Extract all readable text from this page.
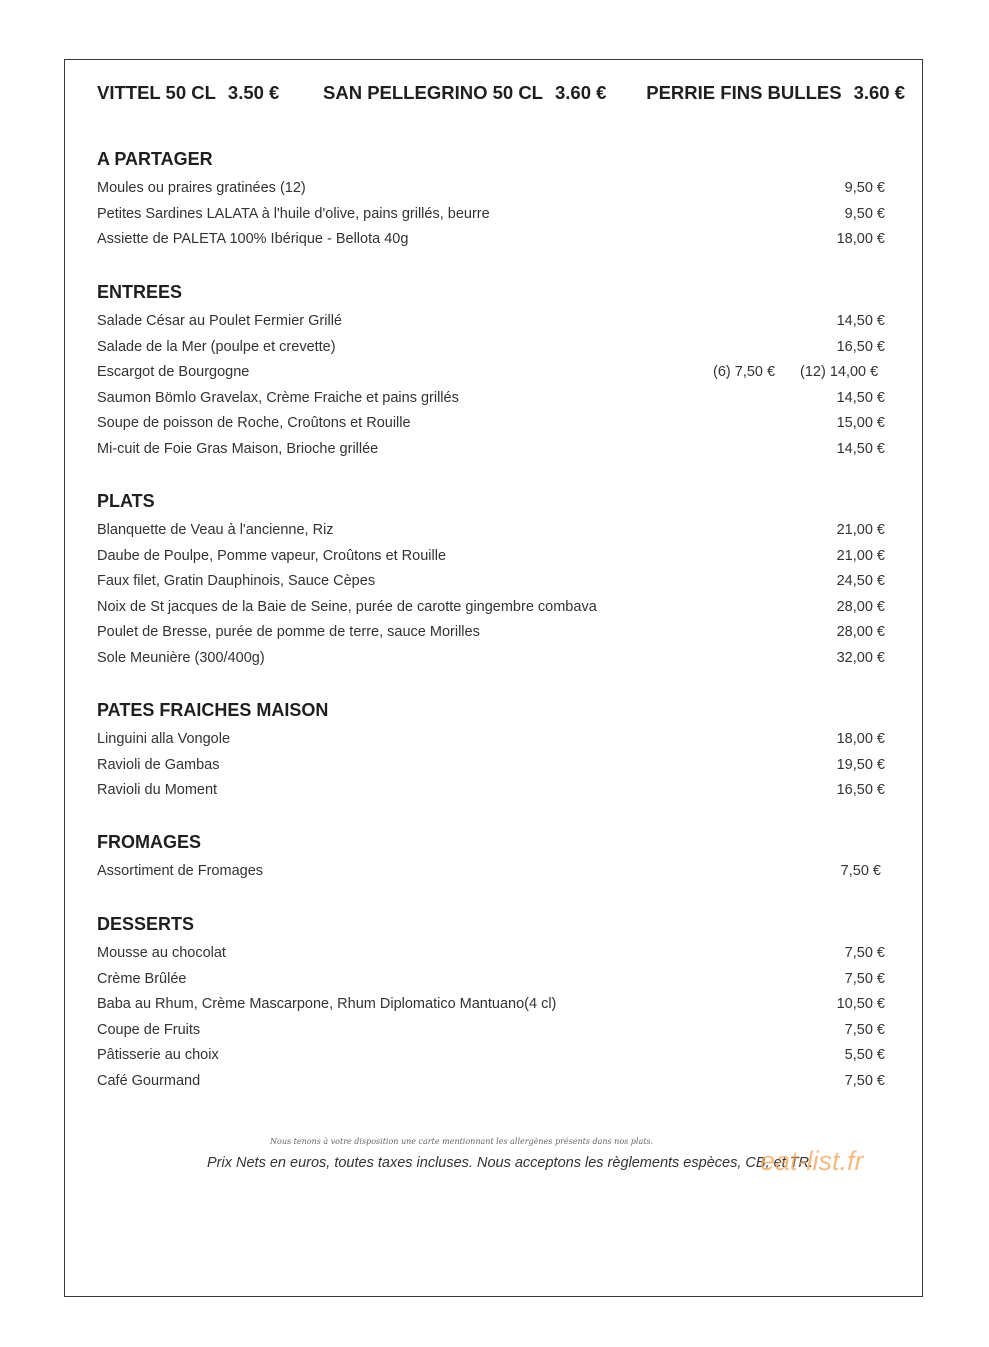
VITTEL 50 CL 3.50 € SAN PELLEGRINO 50 CL 3.60 € PERRIE FINS BULLES 3.60 €
A PARTAGER
Moules ou praires gratinées (12)	9,50 €
Petites Sardines LALATA à l'huile d'olive, pains grillés, beurre	9,50 €
Assiette de PALETA 100% Ibérique - Bellota 40g	18,00 €
ENTREES
Salade César au Poulet Fermier Grillé	14,50 €
Salade de la Mer (poulpe et crevette)	16,50 €
Escargot de Bourgogne	(6) 7,50 € (12) 14,00 €
Saumon Bömlo Gravelax, Crème Fraiche et pains grillés	14,50 €
Soupe de poisson de Roche, Croûtons et Rouille	15,00 €
Mi-cuit de Foie Gras Maison, Brioche grillée	14,50 €
PLATS
Blanquette de Veau à l'ancienne, Riz	21,00 €
Daube de Poulpe, Pomme vapeur, Croûtons et Rouille	21,00 €
Faux filet, Gratin Dauphinois, Sauce Cèpes	24,50 €
Noix de St jacques de la Baie de Seine, purée de carotte gingembre combava	28,00 €
Poulet de Bresse, purée de pomme de terre, sauce Morilles	28,00 €
Sole Meunière (300/400g)	32,00 €
PATES FRAICHES MAISON
Linguini alla Vongole	18,00 €
Ravioli de Gambas	19,50 €
Ravioli du Moment	16,50 €
FROMAGES
Assortiment de Fromages	7,50 €
DESSERTS
Mousse au chocolat	7,50 €
Crème Brûlée	7,50 €
Baba au Rhum, Crème Mascarpone, Rhum Diplomatico Mantuano(4 cl)	10,50 €
Coupe de Fruits	7,50 €
Pâtisserie au choix	5,50 €
Café Gourmand	7,50 €
Nous tenons à votre disposition une carte mentionnant les allergènes présents dans nos plats.
Prix Nets en euros, toutes taxes incluses. Nous acceptons les règlements espèces, CB, et TR.
eat-list.fr
